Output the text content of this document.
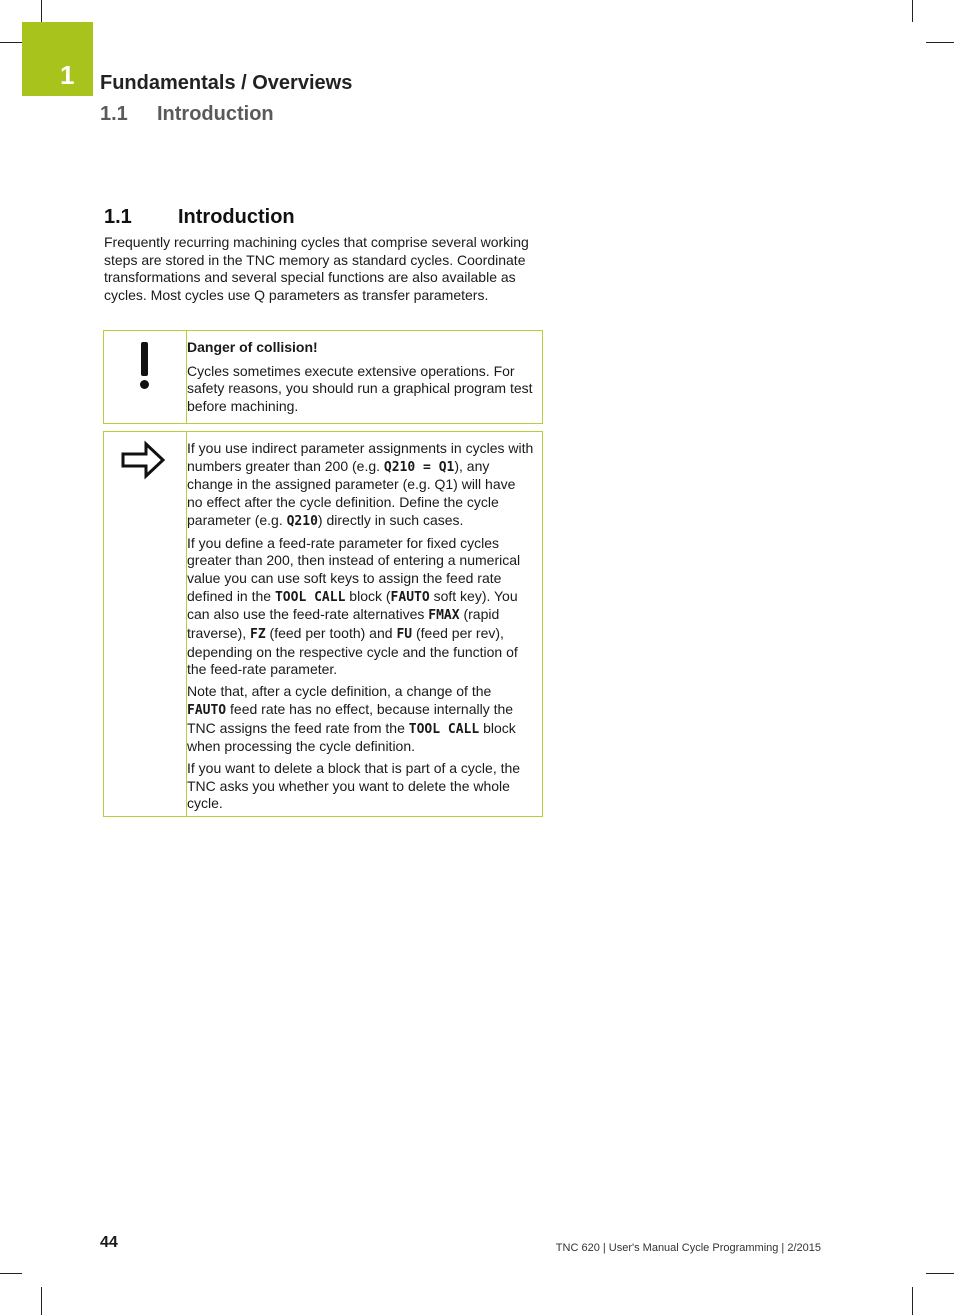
1 Fundamentals / Overviews
1.1 Introduction
1.1 Introduction
Frequently recurring machining cycles that comprise several working steps are stored in the TNC memory as standard cycles. Coordinate transformations and several special functions are also available as cycles. Most cycles use Q parameters as transfer parameters.

Danger of collision!

Cycles sometimes execute extensive operations. For safety reasons, you should run a graphical program test before machining.

If you use indirect parameter assignments in cycles with numbers greater than 200 (e.g. Q210 = Q1), any change in the assigned parameter (e.g. Q1) will have no effect after the cycle definition. Define the cycle parameter (e.g. Q210) directly in such cases.

If you define a feed-rate parameter for fixed cycles greater than 200, then instead of entering a numerical value you can use soft keys to assign the feed rate defined in the TOOL CALL block (FAUTO soft key). You can also use the feed-rate alternatives FMAX (rapid traverse), FZ (feed per tooth) and FU (feed per rev), depending on the respective cycle and the function of the feed-rate parameter.

Note that, after a cycle definition, a change of the FAUTO feed rate has no effect, because internally the TNC assigns the feed rate from the TOOL CALL block when processing the cycle definition.

If you want to delete a block that is part of a cycle, the TNC asks you whether you want to delete the whole cycle.

44	TNC 620 | User's Manual Cycle Programming | 2/2015
